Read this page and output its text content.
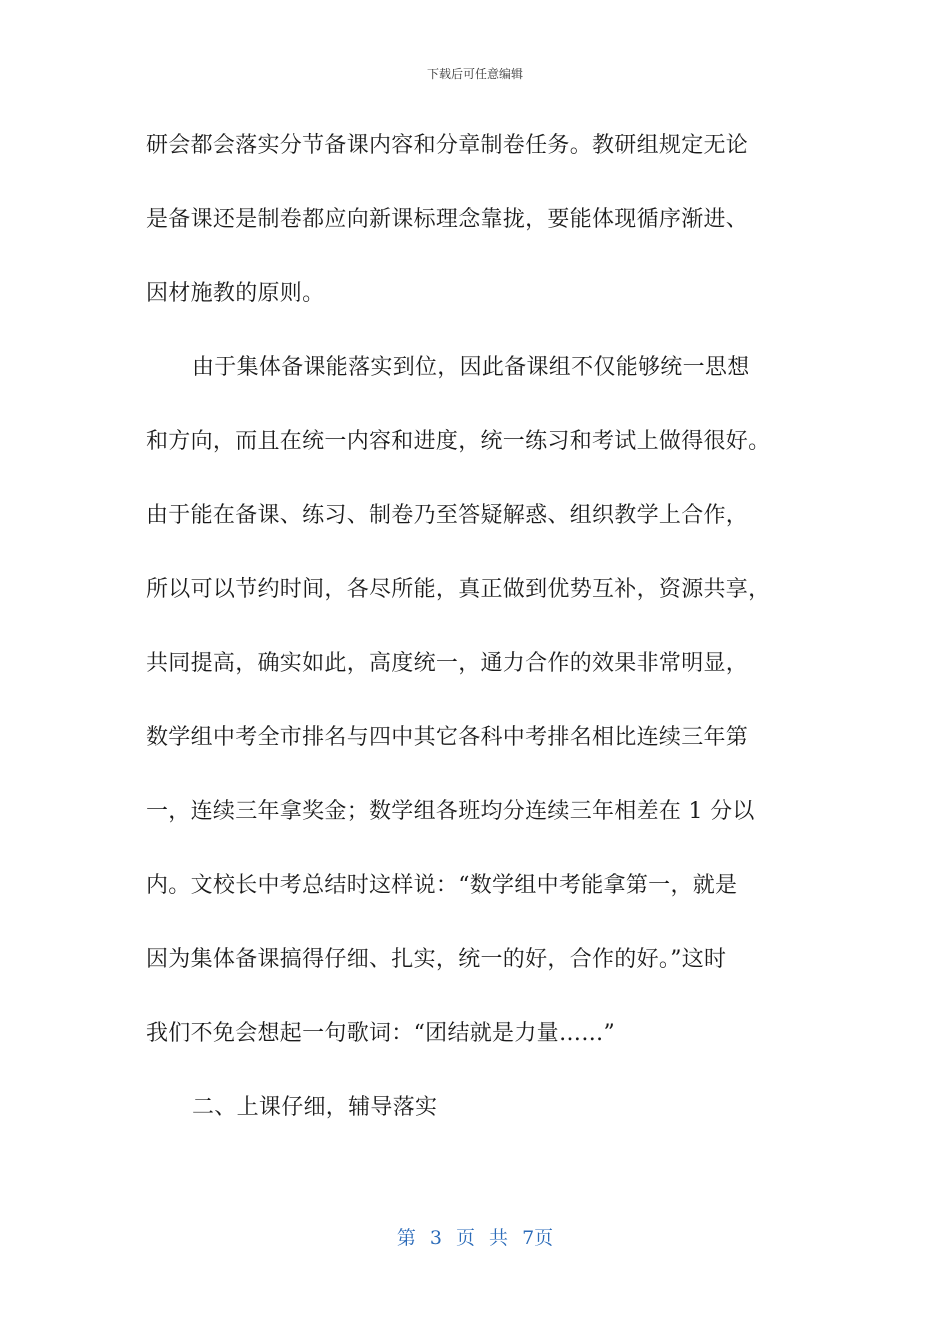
下载后可任意编辑
研会都会落实分节备课内容和分章制卷任务。教研组规定无论
是备课还是制卷都应向新课标理念靠拢，要能体现循序渐进、
因材施教的原则。
由于集体备课能落实到位，因此备课组不仅能够统一思想
和方向，而且在统一内容和进度，统一练习和考试上做得很好。
由于能在备课、练习、制卷乃至答疑解惑、组织教学上合作，
所以可以节约时间，各尽所能，真正做到优势互补，资源共享，
共同提高，确实如此，高度统一，通力合作的效果非常明显，
数学组中考全市排名与四中其它各科中考排名相比连续三年第
一，连续三年拿奖金；数学组各班均分连续三年相差在 1 分以
内。文校长中考总结时这样说：“数学组中考能拿第一，就是
因为集体备课搞得仔细、扎实，统一的好，合作的好。”这时
我们不免会想起一句歌词：“团结就是力量……”
二、上课仔细，辅导落实
第 3 页 共 7页
